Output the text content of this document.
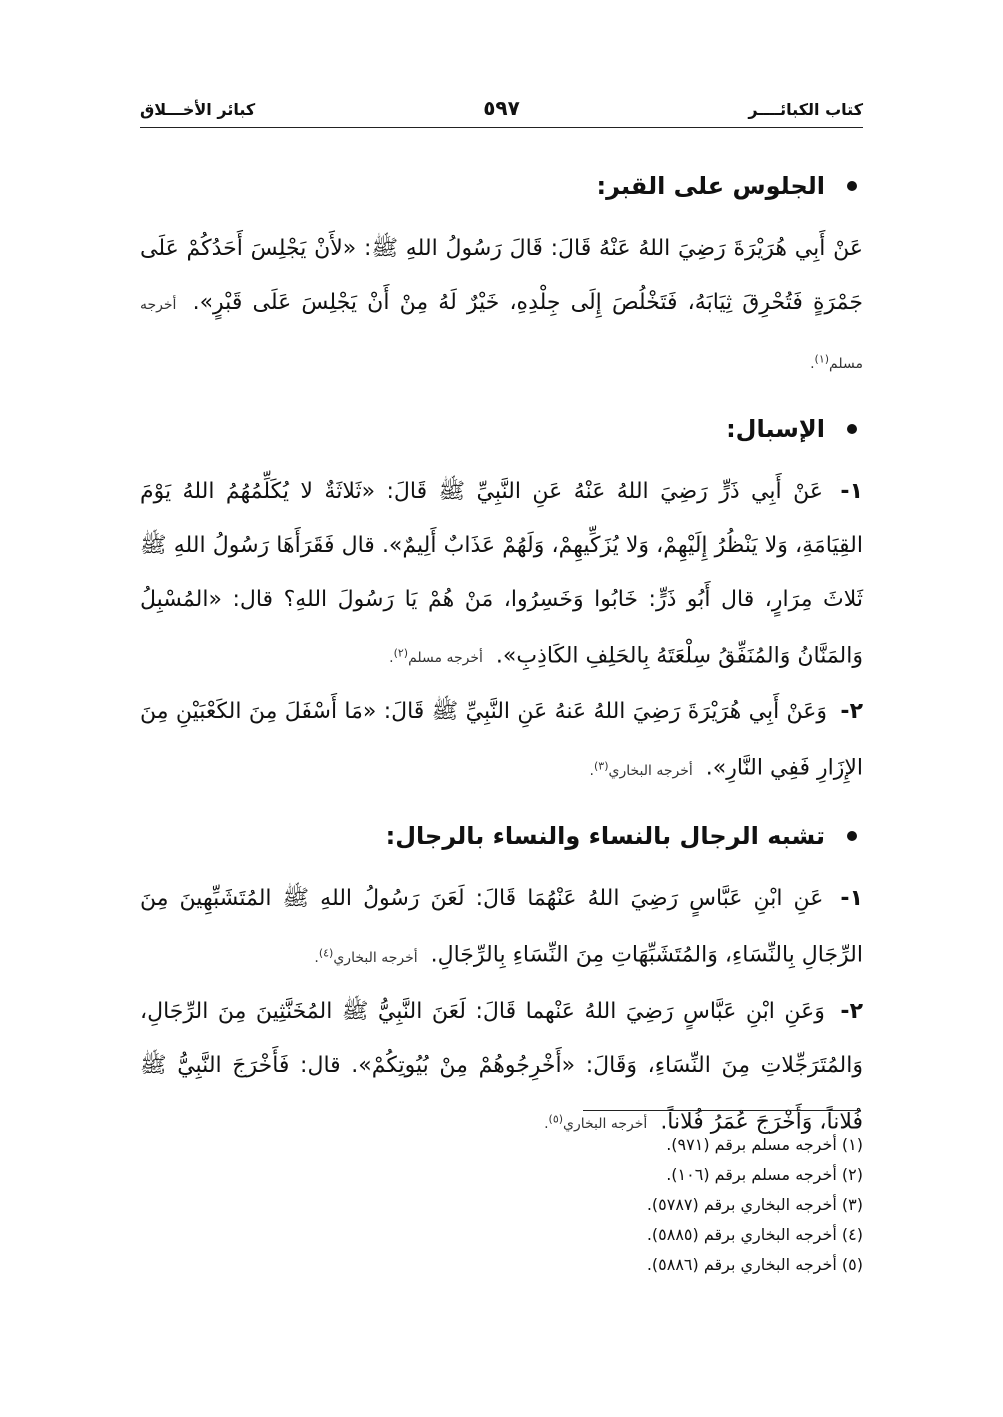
كتاب الكبائــــر
٥٩٧
كبائر الأخـــلاق
الجلوس على القبر:

عَنْ أَبِي هُرَيْرَةَ رَضِيَ اللهُ عَنْهُ قَالَ: قَالَ رَسُولُ اللهِ ﷺ: «لأَنْ يَجْلِسَ أَحَدُكُمْ عَلَى جَمْرَةٍ فَتُحْرِقَ ثِيَابَهُ، فَتَخْلُصَ إِلَى جِلْدِهِ، خَيْرٌ لَهُ مِنْ أَنْ يَجْلِسَ عَلَى قَبْرٍ». أخرجه مسلم$^{(١)}$.

الإسبال:

١- عَنْ أَبِي ذَرٍّ رَضِيَ اللهُ عَنْهُ عَنِ النَّبِيِّ ﷺ قَالَ: «ثَلاثَةٌ لا يُكَلِّمُهُمُ اللهُ يَوْمَ القِيَامَةِ، وَلا يَنْظُرُ إِلَيْهِمْ، وَلا يُزَكِّيهِمْ، وَلَهُمْ عَذَابٌ أَلِيمٌ». قال فَقَرَأَهَا رَسُولُ اللهِ ﷺ ثَلاثَ مِرَارٍ، قال أَبُو ذَرٍّ: خَابُوا وَخَسِرُوا، مَنْ هُمْ يَا رَسُولَ اللهِ؟ قال: «المُسْبِلُ وَالمَنَّانُ وَالمُنَفِّقُ سِلْعَتَهُ بِالحَلِفِ الكَاذِبِ». أخرجه مسلم$^{(٢)}$.

٢- وَعَنْ أَبِي هُرَيْرَةَ رَضِيَ اللهُ عَنهُ عَنِ النَّبِيِّ ﷺ قَالَ: «مَا أَسْفَلَ مِنَ الكَعْبَيْنِ مِنَ الإِزَارِ فَفِي النَّارِ». أخرجه البخاري$^{(٣)}$.

تشبه الرجال بالنساء والنساء بالرجال:

١- عَنِ ابْنِ عَبَّاسٍ رَضِيَ اللهُ عَنْهُمَا قَالَ: لَعَنَ رَسُولُ اللهِ ﷺ المُتَشَبِّهِينَ مِنَ الرِّجَالِ بِالنِّسَاءِ، وَالمُتَشَبِّهَاتِ مِنَ النِّسَاءِ بِالرِّجَالِ. أخرجه البخاري$^{(٤)}$.

٢- وَعَنِ ابْنِ عَبَّاسٍ رَضِيَ اللهُ عَنْهما قَالَ: لَعَنَ النَّبِيُّ ﷺ المُخَنَّثِينَ مِنَ الرِّجَالِ، وَالمُتَرَجِّلاتِ مِنَ النِّسَاءِ، وَقَالَ: «أَخْرِجُوهُمْ مِنْ بُيُوتِكُمْ». قال: فَأَخْرَجَ النَّبِيُّ ﷺ فُلاناً، وَأَخْرَجَ عُمَرُ فُلاناً. أخرجه البخاري$^{(٥)}$.

(١) أخرجه مسلم برقم (٩٧١).
(٢) أخرجه مسلم برقم (١٠٦).
(٣) أخرجه البخاري برقم (٥٧٨٧).
(٤) أخرجه البخاري برقم (٥٨٨٥).
(٥) أخرجه البخاري برقم (٥٨٨٦).
